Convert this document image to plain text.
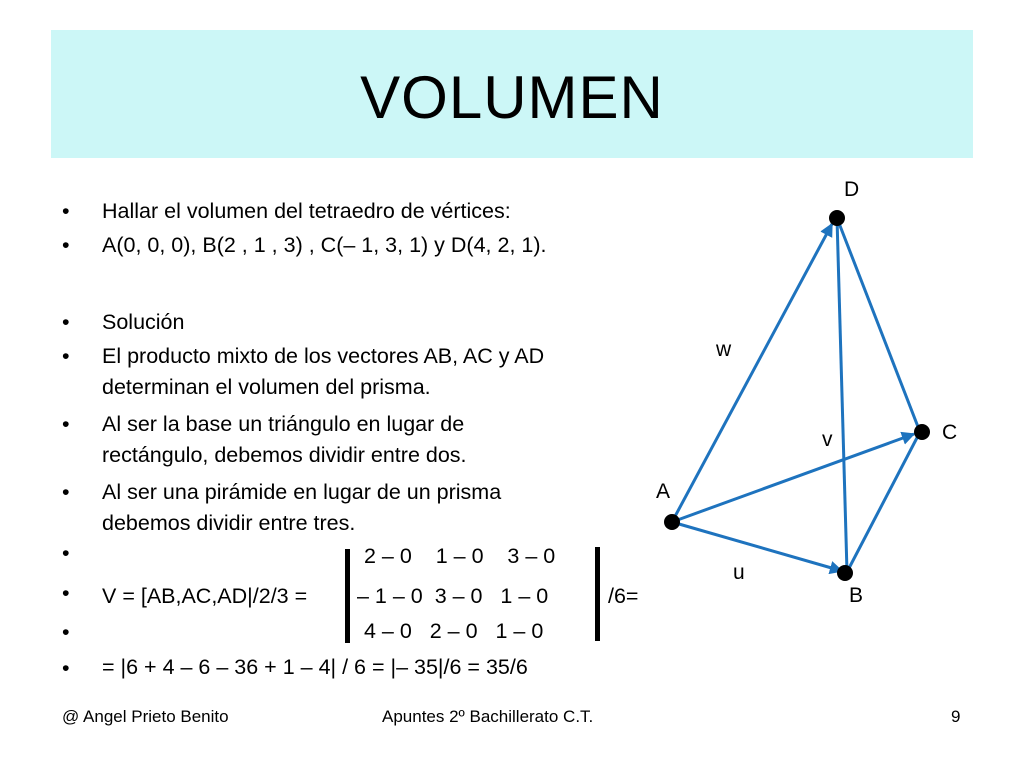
VOLUMEN
• Hallar el volumen del tetraedro de vértices:
• A(0, 0, 0), B(2 , 1 , 3) , C(– 1, 3, 1) y D(4, 2, 1).
• Solución
• El producto mixto de los vectores AB, AC y AD determinan el volumen del prisma.
• Al ser la base un triángulo en lugar de rectángulo, debemos dividir entre dos.
• Al ser una pirámide en lugar de un prisma debemos dividir entre tres.
•
•
•
•
V = [AB,AC,AD|/2/3 =	/6=
= |6 + 4 – 6 – 36 + 1 – 4| / 6 = |– 35|/6 = 35/6
2 – 0    1 – 0    3 – 0
– 1 – 0  3 – 0   1 – 0
4 – 0   2 – 0   1 – 0
D
C
A
B
w
v
u
@ Angel Prieto Benito	Apuntes 2º Bachillerato C.T.	9
